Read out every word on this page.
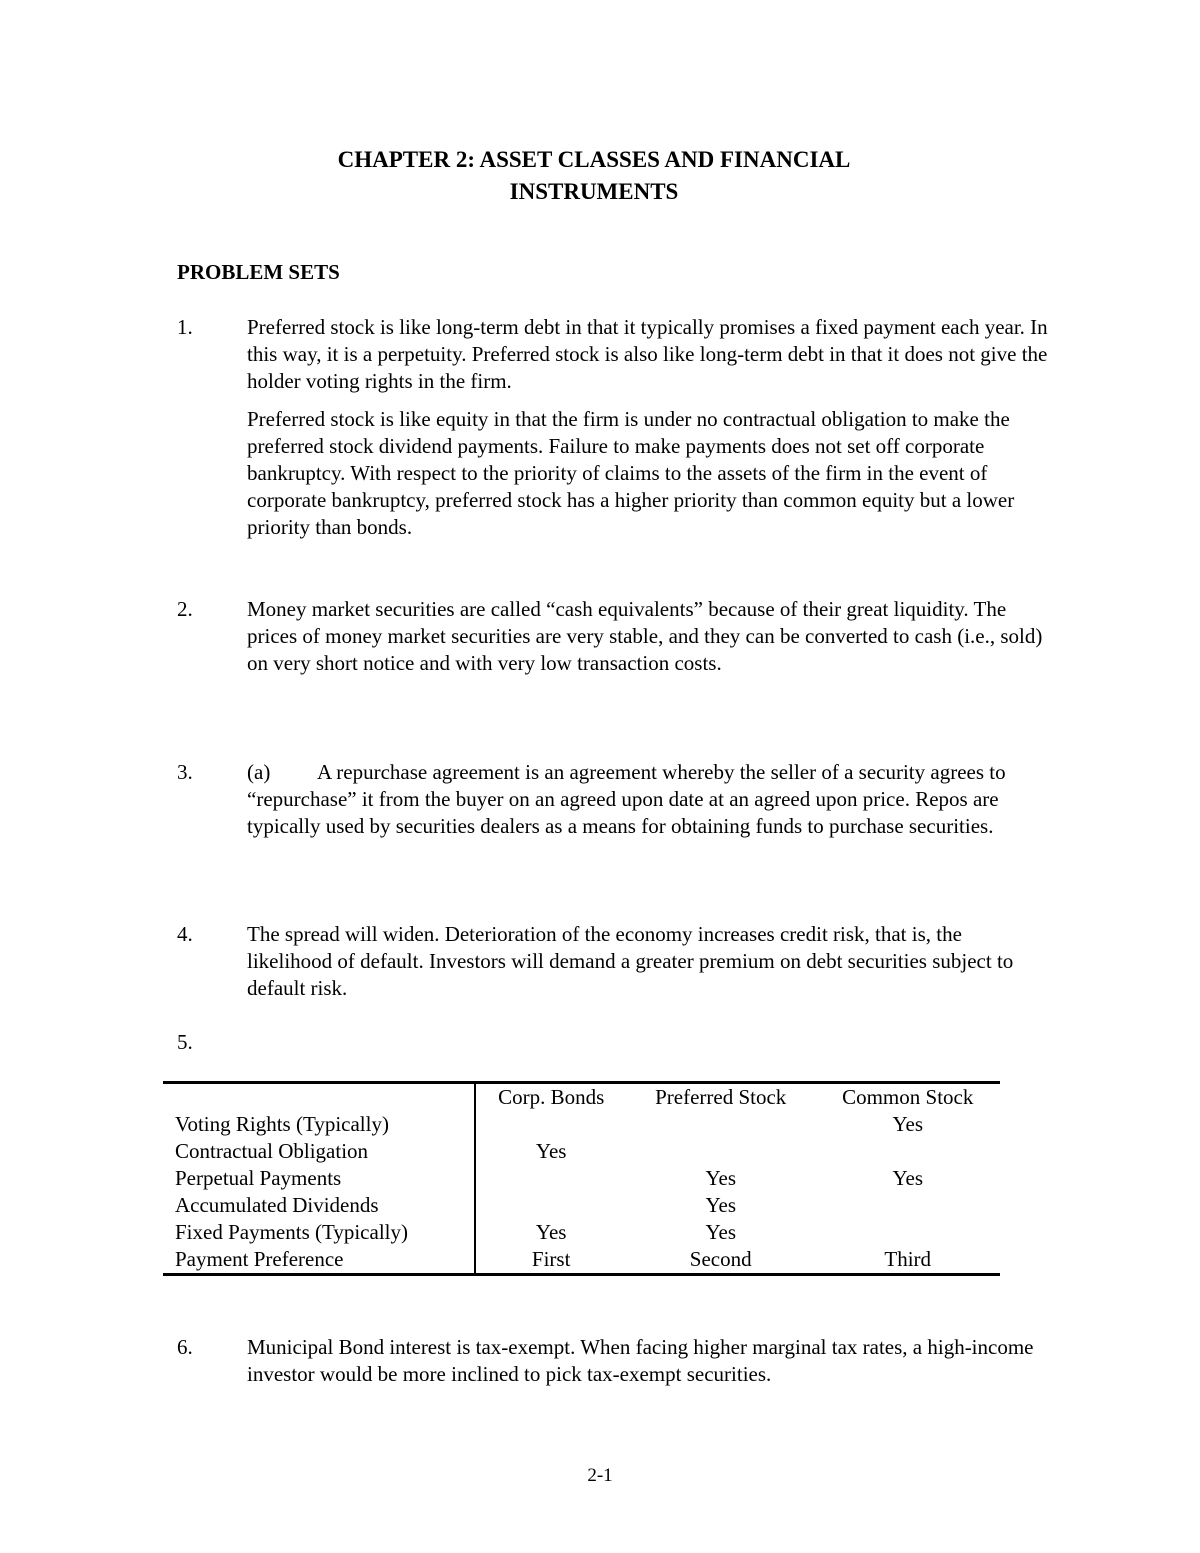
CHAPTER 2: ASSET CLASSES AND FINANCIAL
INSTRUMENTS
PROBLEM SETS
1.	Preferred stock is like long-term debt in that it typically promises a fixed payment each year. In this way, it is a perpetuity. Preferred stock is also like long-term debt in that it does not give the holder voting rights in the firm.

Preferred stock is like equity in that the firm is under no contractual obligation to make the preferred stock dividend payments. Failure to make payments does not set off corporate bankruptcy. With respect to the priority of claims to the assets of the firm in the event of corporate bankruptcy, preferred stock has a higher priority than common equity but a lower priority than bonds.

2.	Money market securities are called “cash equivalents” because of their great liquidity. The prices of money market securities are very stable, and they can be converted to cash (i.e., sold) on very short notice and with very low transaction costs.

3.	(a) A repurchase agreement is an agreement whereby the seller of a security agrees to “repurchase” it from the buyer on an agreed upon date at an agreed upon price. Repos are typically used by securities dealers as a means for obtaining funds to purchase securities.

4.	The spread will widen. Deterioration of the economy increases credit risk, that is, the likelihood of default. Investors will demand a greater premium on debt securities subject to default risk.

5.
	Corp. Bonds	Preferred Stock	Common Stock
Voting Rights (Typically)			Yes
Contractual Obligation	Yes		
Perpetual Payments		Yes	Yes
Accumulated Dividends		Yes	
Fixed Payments (Typically)	Yes	Yes	
Payment Preference	First	Second	Third
6.	Municipal Bond interest is tax-exempt. When facing higher marginal tax rates, a high-income investor would be more inclined to pick tax-exempt securities.

2-1
